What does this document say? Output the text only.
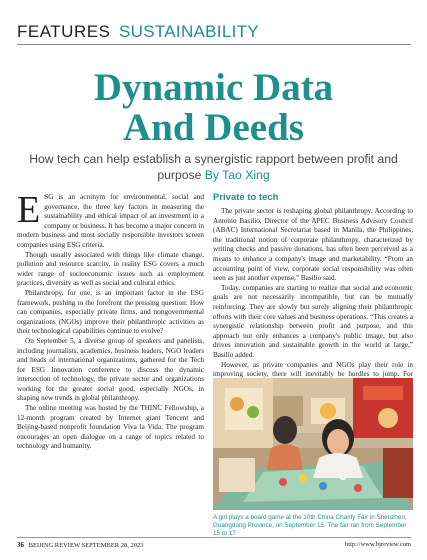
FEATURES SUSTAINABILITY
Dynamic Data
And Deeds
How tech can help establish a synergistic rapport between profit and purpose By Tao Xing

ESG is an acronym for environmental, social and governance, the three key factors in measuring the sustainability and ethical impact of an investment in a company or business. It has become a major concern in modern business and most socially responsible investors screen companies using ESG criteria.

Though usually associated with things like climate change, pollution and resource scarcity, in reality ESG covers a much wider range of socioeconomic issues such as employment practices, diversity as well as social and cultural ethics.

Philanthropy, for one, is an important factor in the ESG framework, pushing to the forefront the pressing question: How can companies, especially private firms, and nongovernmental organizations (NGOs) improve their philanthropic activities as their technological capabilities continue to evolve?

On September 5, a diverse group of speakers and panelists, including journalists, academics, business leaders, NGO leaders and heads of international organizations, gathered for the Tech for ESG Innovation conference to discuss the dynamic intersection of technology, the private sector and organizations working for the greater social good, especially NGOs, in shaping new trends in global philanthropy.

The online meeting was hosted by the THINC Fellowship, a 12-month program created by Internet giant Tencent and Beijing-based nonprofit foundation Viva la Vida. The program encourages an open dialogue on a range of topics related to technology and humanity.

Private to tech

The private sector is reshaping global philanthropy. According to Antonio Basilio, Director of the APEC Business Advisory Council (ABAC) International Secretariat based in Manila, the Philippines, the traditional notion of corporate philanthropy, characterized by writing checks and passive donations, has often been perceived as a means to enhance a company's image and marketability. “From an accounting point of view, corporate social responsibility was often seen as just another expense,” Basilio said.

Today, companies are starting to realize that social and economic goals are not necessarily incompatible, but can be mutually reinforcing. They are slowly but surely aligning their philanthropic efforts with their core values and business operations. “This creates a synergistic relationship between profit and purpose, and this approach not only enhances a company's public image, but also drives innovation and sustainable growth in the world at large,” Basilio added.

However, as private companies and NGOs play their role in improving society, there will inevitably be hurdles to jump. For

A girl plays a board game at the 10th China Charity Fair in Shenzhen, Guangdong Province, on September 15. The fair ran from September 15 to 17
36 BEIJING REVIEW SEPTEMBER 28, 2023	http://www.bjreview.com
